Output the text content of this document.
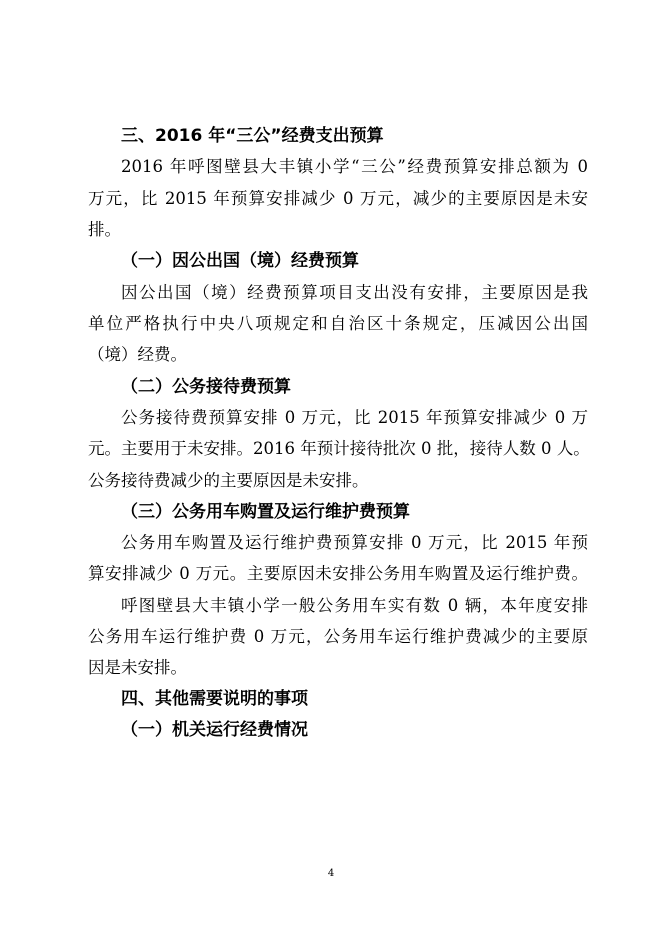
三、2016 年“三公”经费支出预算

2016 年呼图壁县大丰镇小学“三公”经费预算安排总额为 0

万元，比 2015 年预算安排减少 0 万元，减少的主要原因是未安

排。

（一）因公出国（境）经费预算

因公出国（境）经费预算项目支出没有安排，主要原因是我

单位严格执行中央八项规定和自治区十条规定，压减因公出国

（境）经费。

（二）公务接待费预算

公务接待费预算安排 0 万元，比 2015 年预算安排减少 0 万

元。主要用于未安排。2016 年预计接待批次 0 批，接待人数 0 人。

公务接待费减少的主要原因是未安排。

（三）公务用车购置及运行维护费预算

公务用车购置及运行维护费预算安排 0 万元，比 2015 年预

算安排减少 0 万元。主要原因未安排公务用车购置及运行维护费。

呼图壁县大丰镇小学一般公务用车实有数 0 辆，本年度安排

公务用车运行维护费 0 万元，公务用车运行维护费减少的主要原

因是未安排。

四、其他需要说明的事项
（一）机关运行经费情况
4
